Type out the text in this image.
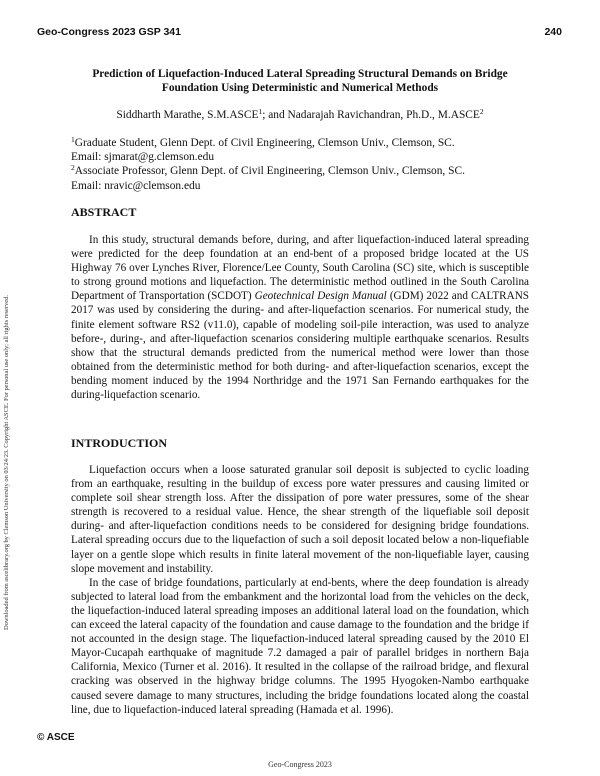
Geo-Congress 2023 GSP 341	240
Downloaded from ascelibrary.org by Clemson University on 03/24/23. Copyright ASCE. For personal use only; all rights reserved.
Prediction of Liquefaction-Induced Lateral Spreading Structural Demands on Bridge
Foundation Using Deterministic and Numerical Methods
Siddharth Marathe, S.M.ASCE$^1$; and Nadarajah Ravichandran, Ph.D., M.ASCE$^2$
$^1$Graduate Student, Glenn Dept. of Civil Engineering, Clemson Univ., Clemson, SC.
Email: sjmarat@g.clemson.edu
$^2$Associate Professor, Glenn Dept. of Civil Engineering, Clemson Univ., Clemson, SC.
Email: nravic@clemson.edu
ABSTRACT

In this study, structural demands before, during, and after liquefaction-induced lateral spreading were predicted for the deep foundation at an end-bent of a proposed bridge located at the US Highway 76 over Lynches River, Florence/Lee County, South Carolina (SC) site, which is susceptible to strong ground motions and liquefaction. The deterministic method outlined in the South Carolina Department of Transportation (SCDOT) Geotechnical Design Manual (GDM) 2022 and CALTRANS 2017 was used by considering the during- and after-liquefaction scenarios. For numerical study, the finite element software RS2 (v11.0), capable of modeling soil-pile interaction, was used to analyze before-, during-, and after-liquefaction scenarios considering multiple earthquake scenarios. Results show that the structural demands predicted from the numerical method were lower than those obtained from the deterministic method for both during- and after-liquefaction scenarios, except the bending moment induced by the 1994 Northridge and the 1971 San Fernando earthquakes for the during-liquefaction scenario.

INTRODUCTION

Liquefaction occurs when a loose saturated granular soil deposit is subjected to cyclic loading from an earthquake, resulting in the buildup of excess pore water pressures and causing limited or complete soil shear strength loss. After the dissipation of pore water pressures, some of the shear strength is recovered to a residual value. Hence, the shear strength of the liquefiable soil deposit during- and after-liquefaction conditions needs to be considered for designing bridge foundations. Lateral spreading occurs due to the liquefaction of such a soil deposit located below a non-liquefiable layer on a gentle slope which results in finite lateral movement of the non-liquefiable layer, causing slope movement and instability.

In the case of bridge foundations, particularly at end-bents, where the deep foundation is already subjected to lateral load from the embankment and the horizontal load from the vehicles on the deck, the liquefaction-induced lateral spreading imposes an additional lateral load on the foundation, which can exceed the lateral capacity of the foundation and cause damage to the foundation and the bridge if not accounted in the design stage. The liquefaction-induced lateral spreading caused by the 2010 El Mayor-Cucapah earthquake of magnitude 7.2 damaged a pair of parallel bridges in northern Baja California, Mexico (Turner et al. 2016). It resulted in the collapse of the railroad bridge, and flexural cracking was observed in the highway bridge columns. The 1995 Hyogoken-Nambo earthquake caused severe damage to many structures, including the bridge foundations located along the coastal line, due to liquefaction-induced lateral spreading (Hamada et al. 1996).

© ASCE
Geo-Congress 2023
